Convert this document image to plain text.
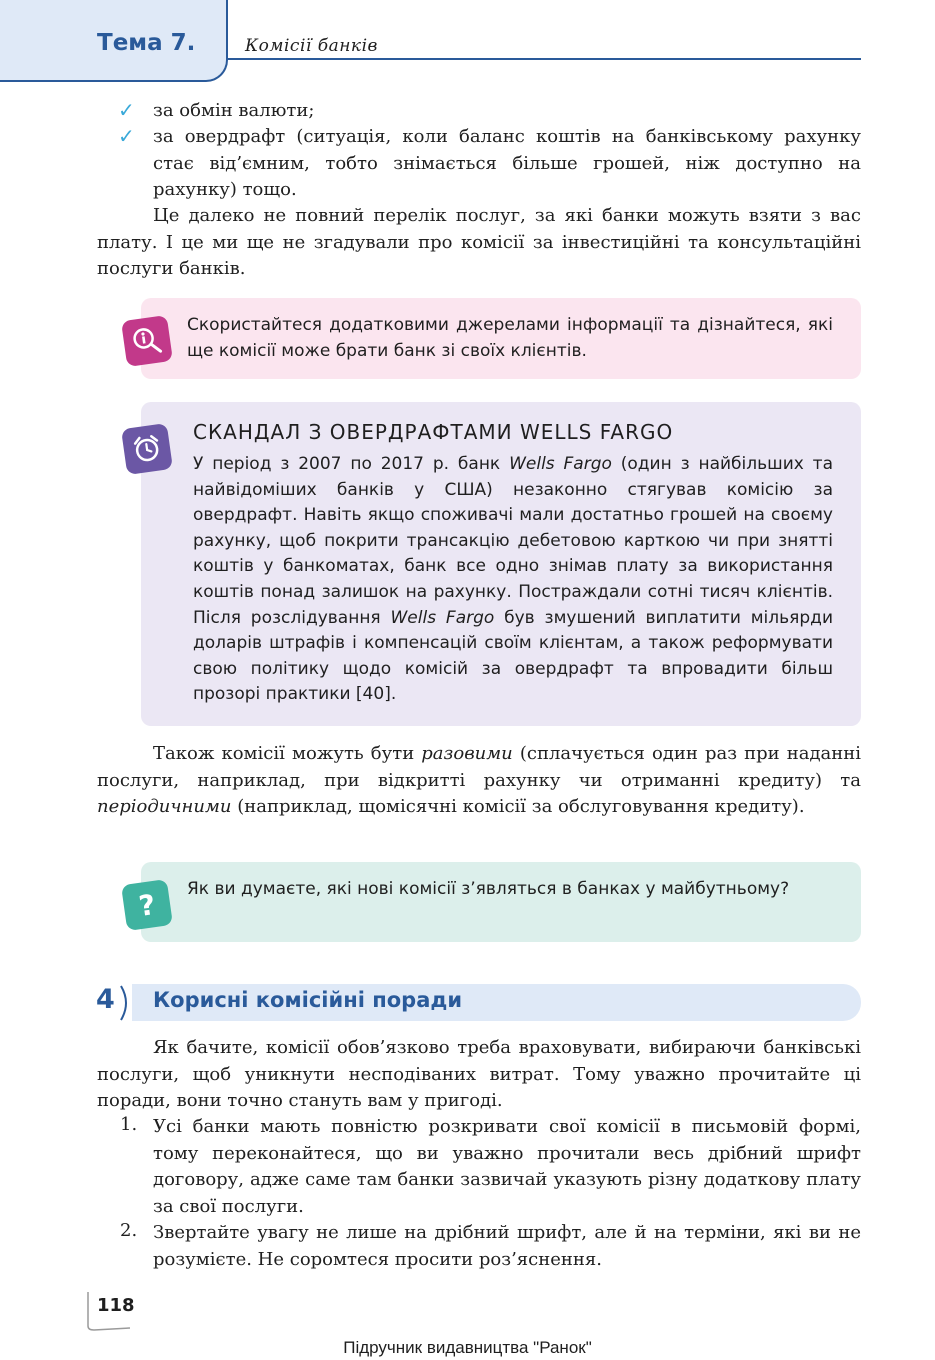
Тема 7.	Комісії банків
✓ за обмін валюти;
✓ за овердрафт (ситуація, коли баланс коштів на банківському рахунку стає від’ємним, тобто знімається більше грошей, ніж доступно на рахунку) тощо.

Це далеко не повний перелік послуг, за які банки можуть взяти з вас плату. І це ми ще не згадували про комісії за інвестиційні та консультаційні послуги банків.

Скористайтеся додатковими джерелами інформації та дізнайтеся, які ще комісії може брати банк зі своїх клієнтів.
СКАНДАЛ З ОВЕРДРАФТАМИ WELLS FARGO
У період з 2007 по 2017 р. банк Wells Fargo (один з найбільших та найвідоміших банків у США) незаконно стягував комісію за овердрафт. Навіть якщо споживачі мали достатньо грошей на своєму рахунку, щоб покрити трансакцію дебетовою карткою чи при знятті коштів у банкоматах, банк все одно знімав плату за використання коштів понад залишок на рахунку. Постраждали сотні тисяч клієнтів. Після розслідування Wells Fargo був змушений виплатити мільярди доларів штрафів і компенсацій своїм клієнтам, а також реформувати свою політику щодо комісій за овердрафт та впровадити більш прозорі практики [40].

Також комісії можуть бути разовими (сплачується один раз при наданні послуги, наприклад, при відкритті рахунку чи отриманні кредиту) та періодичними (наприклад, щомісячні комісії за обслуговування кредиту).

? Як ви думаєте, які нові комісії з’являться в банках у майбутньому?
4 Корисні комісійні поради

Як бачите, комісії обов’язково треба враховувати, вибираючи банківські послуги, щоб уникнути несподіваних витрат. Тому уважно прочитайте ці поради, вони точно стануть вам у пригоді.

1. Усі банки мають повністю розкривати свої комісії в письмовій формі, тому переконайтеся, що ви уважно прочитали весь дрібний шрифт договору, адже саме там банки зазвичай указують різну додаткову плату за свої послуги.

2. Звертайте увагу не лише на дрібний шрифт, але й на терміни, які ви не розумієте. Не соромтеся просити роз’яснення.

118
Підручник видавництва "Ранок"
